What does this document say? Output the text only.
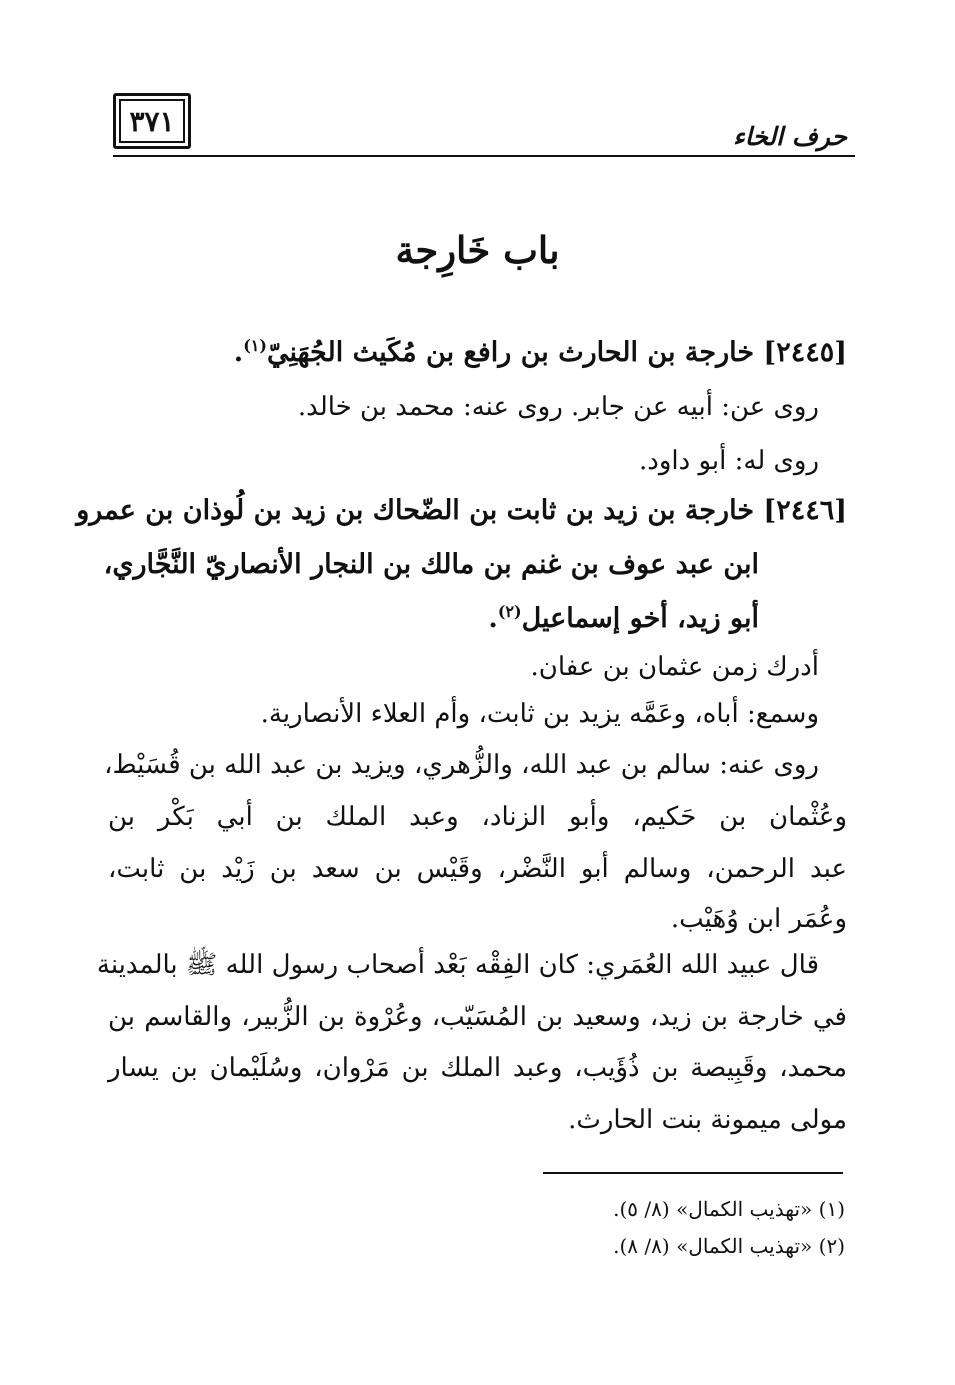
٣٧١	حرف الخاء
باب خَارِجة
[٢٤٤٥] خارجة بن الحارث بن رافع بن مُكَيث الجُهَنِيّ$^{(١)}$.
روى عن: أبيه عن جابر. روى عنه: محمد بن خالد.
روى له: أبو داود.
[٢٤٤٦] خارجة بن زيد بن ثابت بن الضّحاك بن زيد بن لُوذان بن عمرو
ابن عبد عوف بن غنم بن مالك بن النجار الأنصاريّ النَّجَّاري،
أبو زيد، أخو إسماعيل$^{(٢)}$.
أدرك زمن عثمان بن عفان.
وسمع: أباه، وعَمَّه يزيد بن ثابت، وأم العلاء الأنصارية.
روى عنه: سالم بن عبد الله، والزُّهري، ويزيد بن عبد الله بن قُسَيْط،
وعُثْمان بن حَكيم، وأبو الزناد، وعبد الملك بن أبي بَكْر بن
عبد الرحمن، وسالم أبو النَّضْر، وقَيْس بن سعد بن زَيْد بن ثابت،
وعُمَر ابن وُهَيْب.
قال عبيد الله العُمَري: كان الفِقْه بَعْد أصحاب رسول الله ﷺ بالمدينة
في خارجة بن زيد، وسعيد بن المُسَيّب، وعُرْوة بن الزُّبير، والقاسم بن
محمد، وقَبِيصة بن ذُؤَيب، وعبد الملك بن مَرْوان، وسُلَيْمان بن يسار
مولى ميمونة بنت الحارث.
(١) «تهذيب الكمال» (٨/ ٥).
(٢) «تهذيب الكمال» (٨/ ٨).
